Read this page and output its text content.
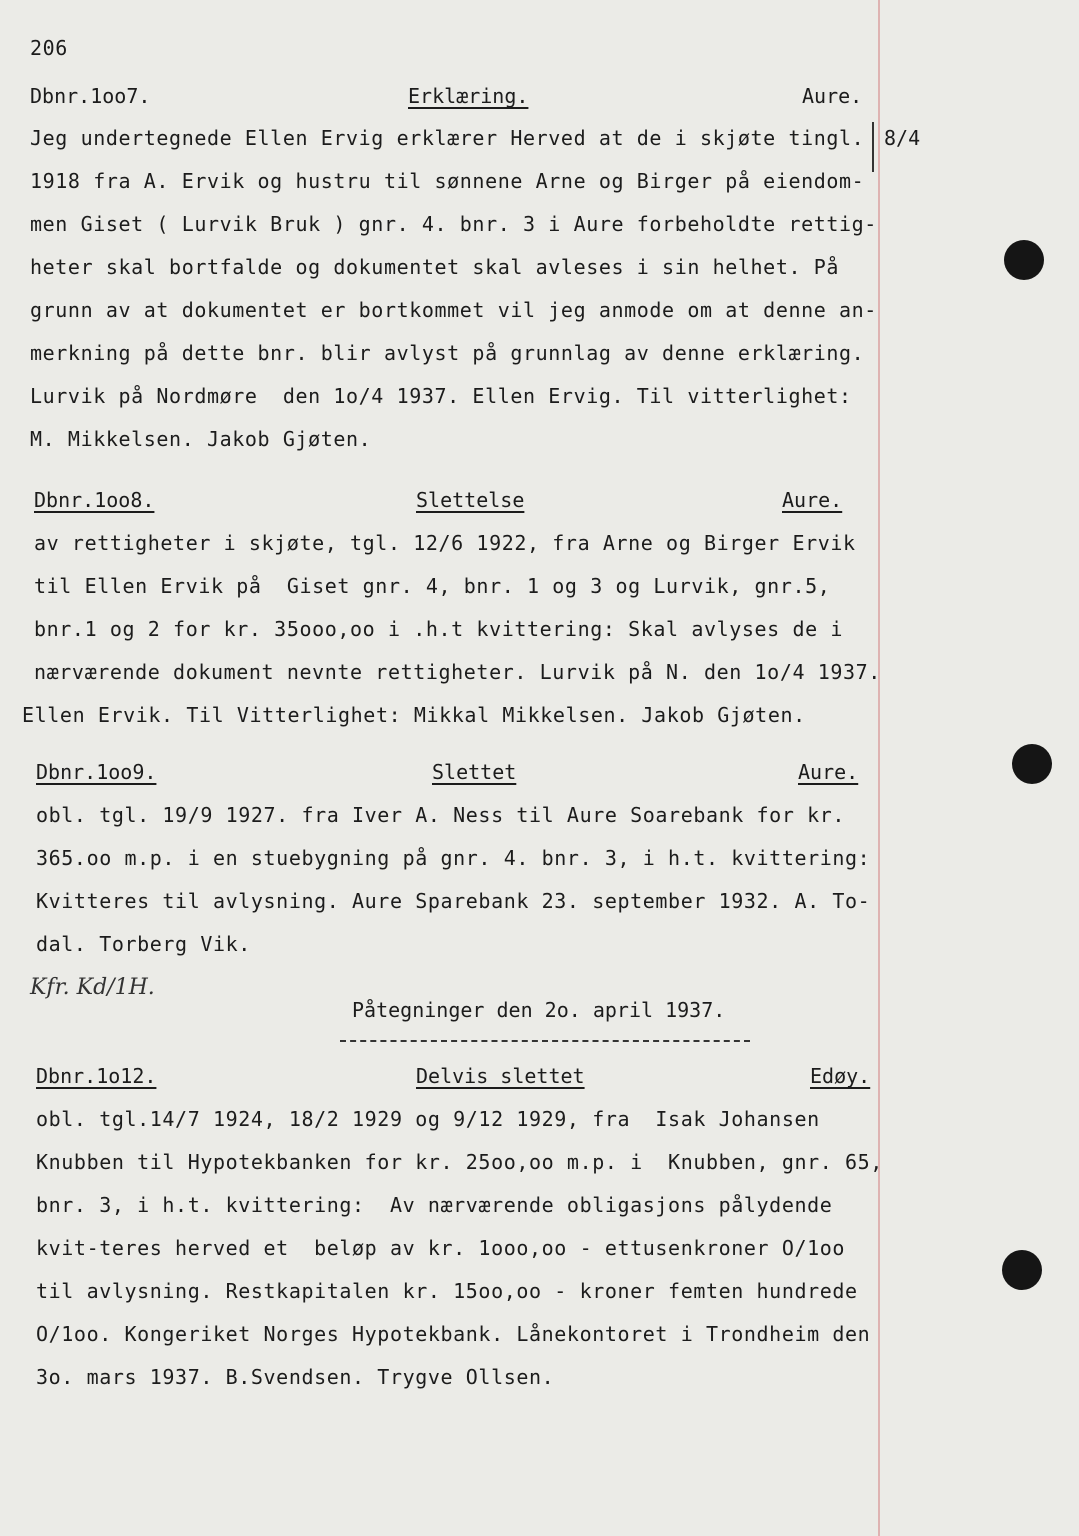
206
Dbnr.1oo7.	Erklæring.	Aure.
8/4
Jeg undertegnede Ellen Ervig erklærer Herved at de i skjøte tingl.
1918 fra A. Ervik og hustru til sønnene Arne og Birger på eiendom-
men Giset ( Lurvik Bruk ) gnr. 4. bnr. 3 i Aure forbeholdte rettig-
heter skal bortfalde og dokumentet skal avleses i sin helhet. På
grunn av at dokumentet er bortkommet vil jeg anmode om at denne an-
merkning på dette bnr. blir avlyst på grunnlag av denne erklæring.
Lurvik på Nordmøre  den 1o/4 1937. Ellen Ervig. Til vitterlighet:
M. Mikkelsen. Jakob Gjøten.
Dbnr.1oo8.	Slettelse	Aure.
av rettigheter i skjøte, tgl. 12/6 1922, fra Arne og Birger Ervik
til Ellen Ervik på  Giset gnr. 4, bnr. 1 og 3 og Lurvik, gnr.5,
bnr.1 og 2 for kr. 35ooo,oo i .h.t kvittering: Skal avlyses de i
nærværende dokument nevnte rettigheter. Lurvik på N. den 1o/4 1937.
Ellen Ervik. Til Vitterlighet: Mikkal Mikkelsen. Jakob Gjøten.
Dbnr.1oo9.	Slettet	Aure.
obl. tgl. 19/9 1927. fra Iver A. Ness til Aure Soarebank for kr.
365.oo m.p. i en stuebygning på gnr. 4. bnr. 3, i h.t. kvittering:
Kvitteres til avlysning. Aure Sparebank 23. september 1932. A. To-
dal. Torberg Vik.
Kfr. Kd/1H.
Påtegninger den 2o. april 1937.
Dbnr.1o12.	Delvis slettet	Edøy.
obl. tgl.14/7 1924, 18/2 1929 og 9/12 1929, fra  Isak Johansen
Knubben til Hypotekbanken for kr. 25oo,oo m.p. i  Knubben, gnr. 65,
bnr. 3, i h.t. kvittering:  Av nærværende obligasjons pålydende
kvit-teres herved et  beløp av kr. 1ooo,oo - ettusenkroner O/1oo
til avlysning. Restkapitalen kr. 15oo,oo - kroner femten hundrede
O/1oo. Kongeriket Norges Hypotekbank. Lånekontoret i Trondheim den
3o. mars 1937. B.Svendsen. Trygve Ollsen.
